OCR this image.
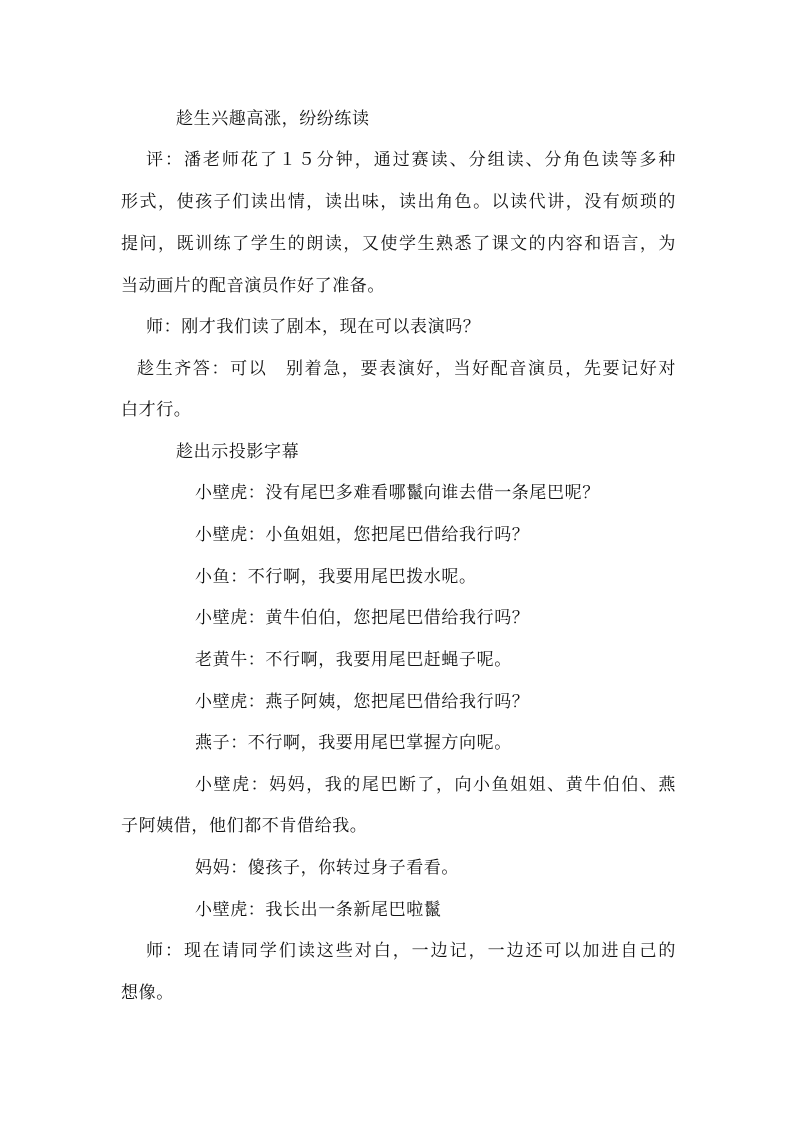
趁生兴趣高涨，纷纷练读
评：潘老师花了１５分钟，通过赛读、分组读、分角色读等多种
形式，使孩子们读出情，读出味，读出角色。以读代讲，没有烦琐的
提问，既训练了学生的朗读，又使学生熟悉了课文的内容和语言，为
当动画片的配音演员作好了准备。
师：刚才我们读了剧本，现在可以表演吗？
趁生齐答：可以　别着急，要表演好，当好配音演员，先要记好对
白才行。
趁出示投影字幕
小壁虎：没有尾巴多难看哪鬣向谁去借一条尾巴呢？
小壁虎：小鱼姐姐，您把尾巴借给我行吗？
小鱼：不行啊，我要用尾巴拨水呢。
小壁虎：黄牛伯伯，您把尾巴借给我行吗？
老黄牛：不行啊，我要用尾巴赶蝇子呢。
小壁虎：燕子阿姨，您把尾巴借给我行吗？
燕子：不行啊，我要用尾巴掌握方向呢。
小壁虎：妈妈，我的尾巴断了，向小鱼姐姐、黄牛伯伯、燕
子阿姨借，他们都不肯借给我。
妈妈：傻孩子，你转过身子看看。
小壁虎：我长出一条新尾巴啦鬣
师：现在请同学们读这些对白，一边记，一边还可以加进自己的
想像。
